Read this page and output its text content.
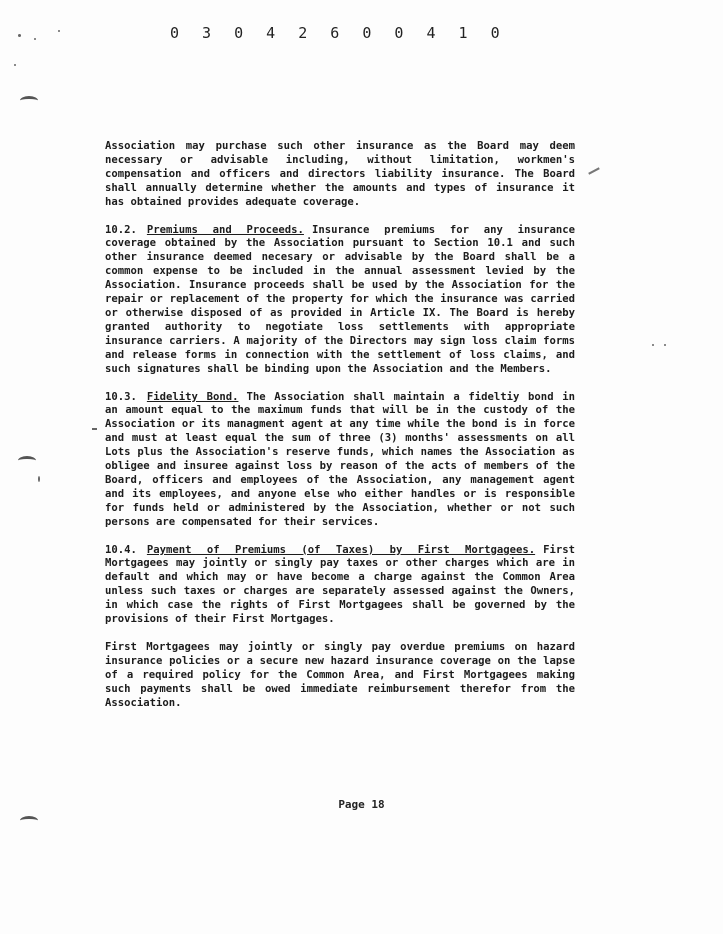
0 3 0 4 2 6 0 0 4 1 0

Association may purchase such other insurance as the Board may deem necessary or advisable including, without limitation, workmen's compensation and officers and directors liability insurance. The Board shall annually determine whether the amounts and types of insurance it has obtained provides adequate coverage.

10.2. Premiums and Proceeds. Insurance premiums for any insurance coverage obtained by the Association pursuant to Section 10.1 and such other insurance deemed necesary or advisable by the Board shall be a common expense to be included in the annual assessment levied by the Association. Insurance proceeds shall be used by the Association for the repair or replacement of the property for which the insurance was carried or otherwise disposed of as provided in Article IX. The Board is hereby granted authority to negotiate loss settlements with appropriate insurance carriers. A majority of the Directors may sign loss claim forms and release forms in connection with the settlement of loss claims, and such signatures shall be binding upon the Association and the Members.

10.3. Fidelity Bond. The Association shall maintain a fideltiy bond in an amount equal to the maximum funds that will be in the custody of the Association or its managment agent at any time while the bond is in force and must at least equal the sum of three (3) months' assessments on all Lots plus the Association's reserve funds, which names the Association as obligee and insuree against loss by reason of the acts of members of the Board, officers and employees of the Association, any management agent and its employees, and anyone else who either handles or is responsible for funds held or administered by the Association, whether or not such persons are compensated for their services.

10.4. Payment of Premiums (of Taxes) by First Mortgagees. First Mortgagees may jointly or singly pay taxes or other charges which are in default and which may or have become a charge against the Common Area unless such taxes or charges are separately assessed against the Owners, in which case the rights of First Mortgagees shall be governed by the provisions of their First Mortgages.

First Mortgagees may jointly or singly pay overdue premiums on hazard insurance policies or a secure new hazard insurance coverage on the lapse of a required policy for the Common Area, and First Mortgagees making such payments shall be owed immediate reimbursement therefor from the Association.

Page 18
